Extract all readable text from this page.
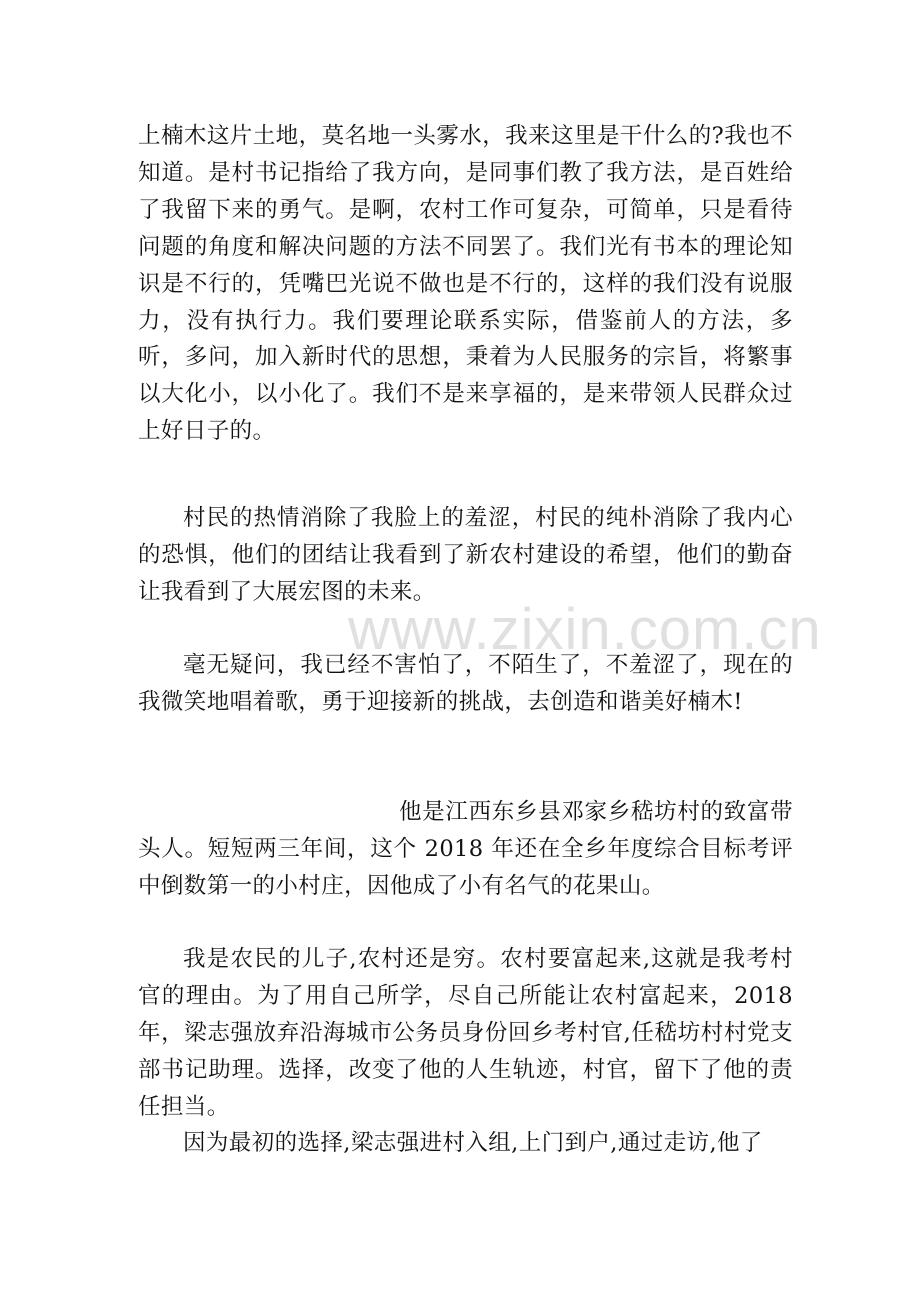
上楠木这片土地，莫名地一头雾水，我来这里是干什么的?我也不知道。是村书记指给了我方向，是同事们教了我方法，是百姓给了我留下来的勇气。是啊，农村工作可复杂，可简单，只是看待问题的角度和解决问题的方法不同罢了。我们光有书本的理论知识是不行的，凭嘴巴光说不做也是不行的，这样的我们没有说服力，没有执行力。我们要理论联系实际，借鉴前人的方法，多听，多问，加入新时代的思想，秉着为人民服务的宗旨，将繁事以大化小，以小化了。我们不是来享福的，是来带领人民群众过上好日子的。
村民的热情消除了我脸上的羞涩，村民的纯朴消除了我内心的恐惧，他们的团结让我看到了新农村建设的希望，他们的勤奋让我看到了大展宏图的未来。
毫无疑问，我已经不害怕了，不陌生了，不羞涩了，现在的我微笑地唱着歌，勇于迎接新的挑战，去创造和谐美好楠木!
他是江西东乡县邓家乡嵇坊村的致富带头人。短短两三年间，这个 2018 年还在全乡年度综合目标考评中倒数第一的小村庄，因他成了小有名气的花果山。
我是农民的儿子,农村还是穷。农村要富起来,这就是我考村官的理由。为了用自己所学，尽自己所能让农村富起来，2018 年，梁志强放弃沿海城市公务员身份回乡考村官,任嵇坊村村党支部书记助理。选择，改变了他的人生轨迹，村官，留下了他的责任担当。
因为最初的选择,梁志强进村入组,上门到户,通过走访,他了
www.zixin.com.cn
